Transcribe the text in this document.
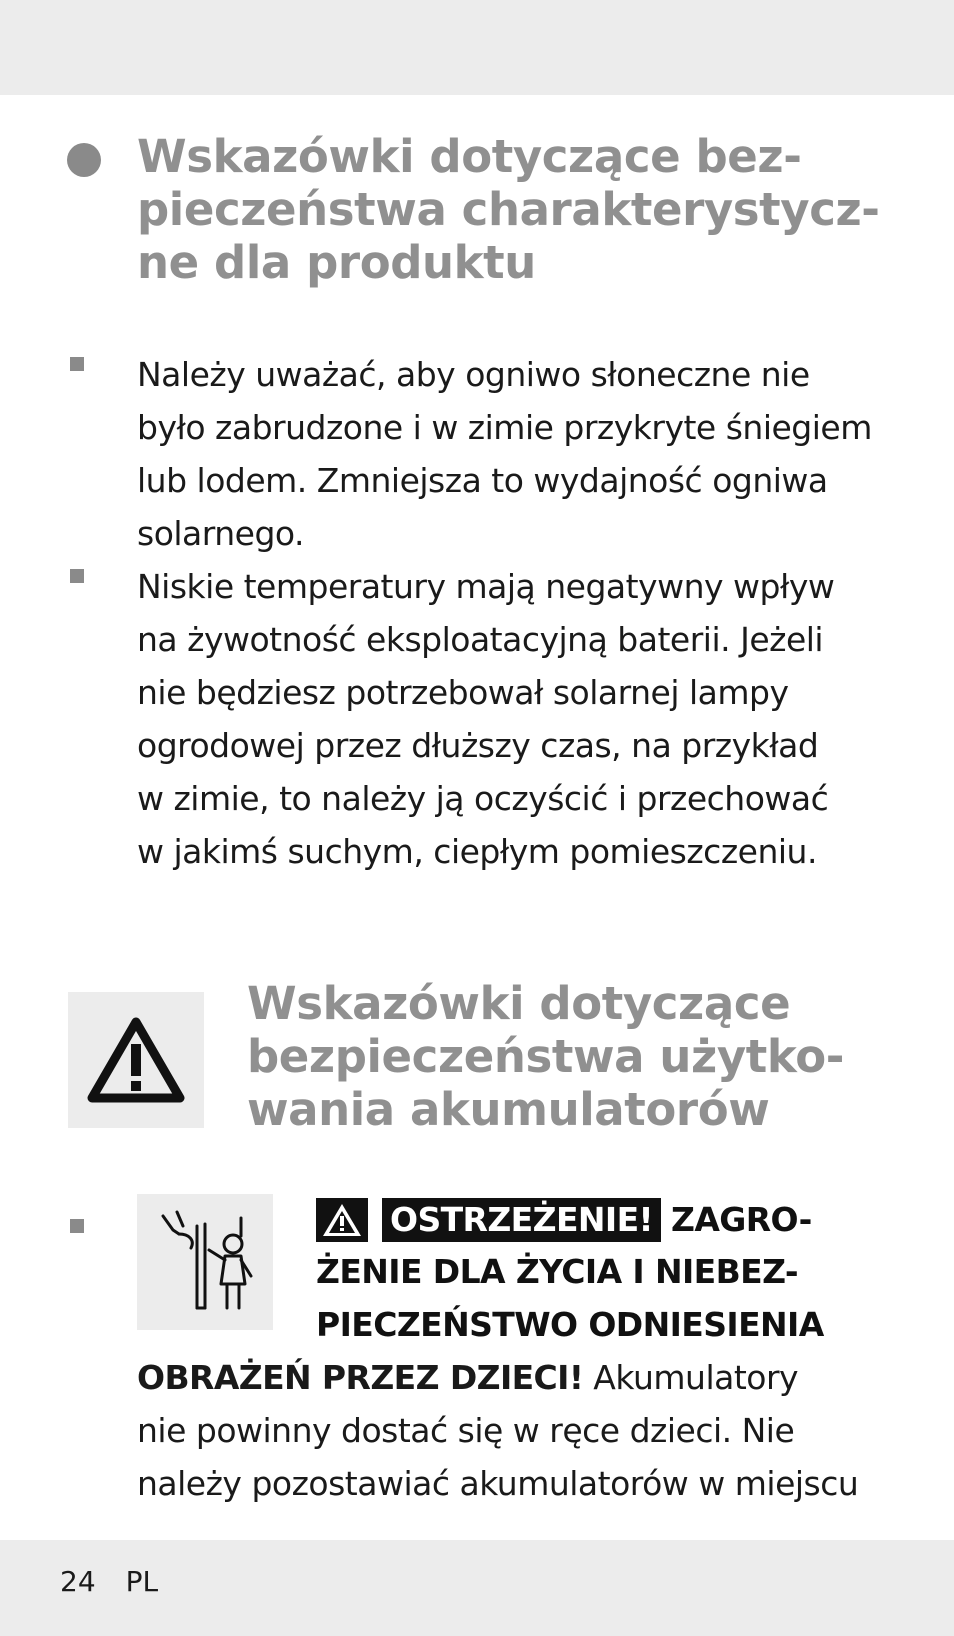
Wskazówki dotyczące bez-
pieczeństwa charakterystycz-
ne dla produktu

Należy uważać, aby ogniwo słoneczne nie
było zabrudzone i w zimie przykryte śniegiem
lub lodem. Zmniejsza to wydajność ogniwa
solarnego.

Niskie temperatury mają negatywny wpływ
na żywotność eksploatacyjną baterii. Jeżeli
nie będziesz potrzebował solarnej lampy
ogrodowej przez dłuższy czas, na przykład
w zimie, to należy ją oczyścić i przechować
w jakimś suchym, ciepłym pomieszczeniu.

Wskazówki dotyczące
bezpieczeństwa użytko-
wania akumulatorów

OSTRZEŻENIE! ZAGRO-

ŻENIE DLA ŻYCIA I NIEBEZ-

PIECZEŃSTWO ODNIESIENIA

OBRAŻEŃ PRZEZ DZIECI! Akumulatory
nie powinny dostać się w ręce dzieci. Nie
należy pozostawiać akumulatorów w miejscu

24 PL
